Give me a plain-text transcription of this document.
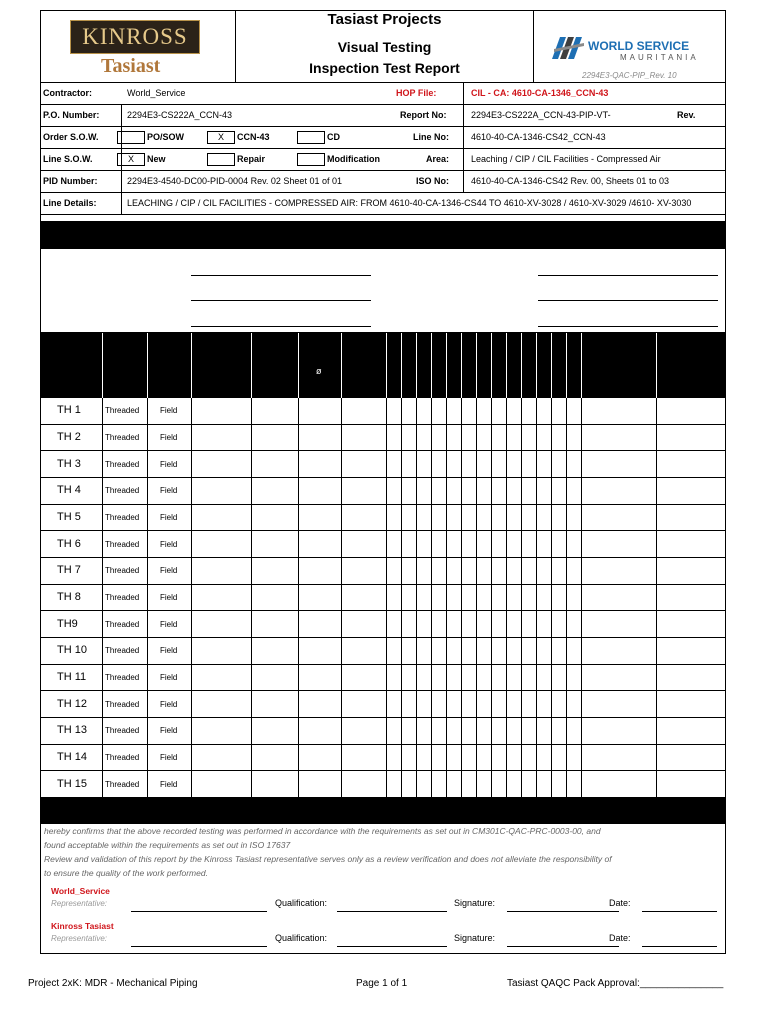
KINROSS
Tasiast
Tasiast Projects
Visual Testing
Inspection Test Report
WORLD SERVICE
MAURITANIA
2294E3-QAC-PIP_Rev. 10
Contractor:	World_Service	HOP File:	CIL - CA: 4610-CA-1346_CCN-43
P.O. Number:	2294E3-CS222A_CCN-43	Report No:	2294E3-CS222A_CCN-43-PIP-VT-	Rev.
Order S.O.W.	PO/SOW	X	CCN-43	CD	Line No: 4610-40-CA-1346-CS42_CCN-43
Line S.O.W.	X	New	Repair	Modification	Area: Leaching / CIP / CIL Facilities - Compressed Air
PID Number:	2294E3-4540-DC00-PID-0004 Rev. 02 Sheet 01 of 01	ISO No: 4610-40-CA-1346-CS42 Rev. 00, Sheets 01 to 03
Line Details:	LEACHING / CIP / CIL FACILITIES - COMPRESSED AIR: FROM 4610-40-CA-1346-CS44 TO 4610-XV-3028 / 4610-XV-3029 /4610- XV-3030
ø
TH 1	Threaded	Field
TH 2	Threaded	Field
TH 3	Threaded	Field
TH 4	Threaded	Field
TH 5	Threaded	Field
TH 6	Threaded	Field
TH 7	Threaded	Field
TH 8	Threaded	Field
TH9	Threaded	Field
TH 10 Threaded	Field
TH 11 Threaded	Field
TH 12 Threaded	Field
TH 13 Threaded	Field
TH 14 Threaded	Field
TH 15 Threaded	Field
hereby confirms that the above recorded testing was performed in accordance with the requirements as set out in CM301C-QAC-PRC-0003-00, and
found acceptable within the requirements as set out in ISO 17637
Review and validation of this report by the Kinross Tasiast representative serves only as a review verification and does not alleviate the responsibility of
to ensure the quality of the work performed.
World_Service
Representative:	Qualification:	Signature:	Date:
Kinross Tasiast
Representative:	Qualification:	Signature:	Date:
Project 2xK: MDR - Mechanical Piping	Page 1 of 1	Tasiast QAQC Pack Approval:_______________
